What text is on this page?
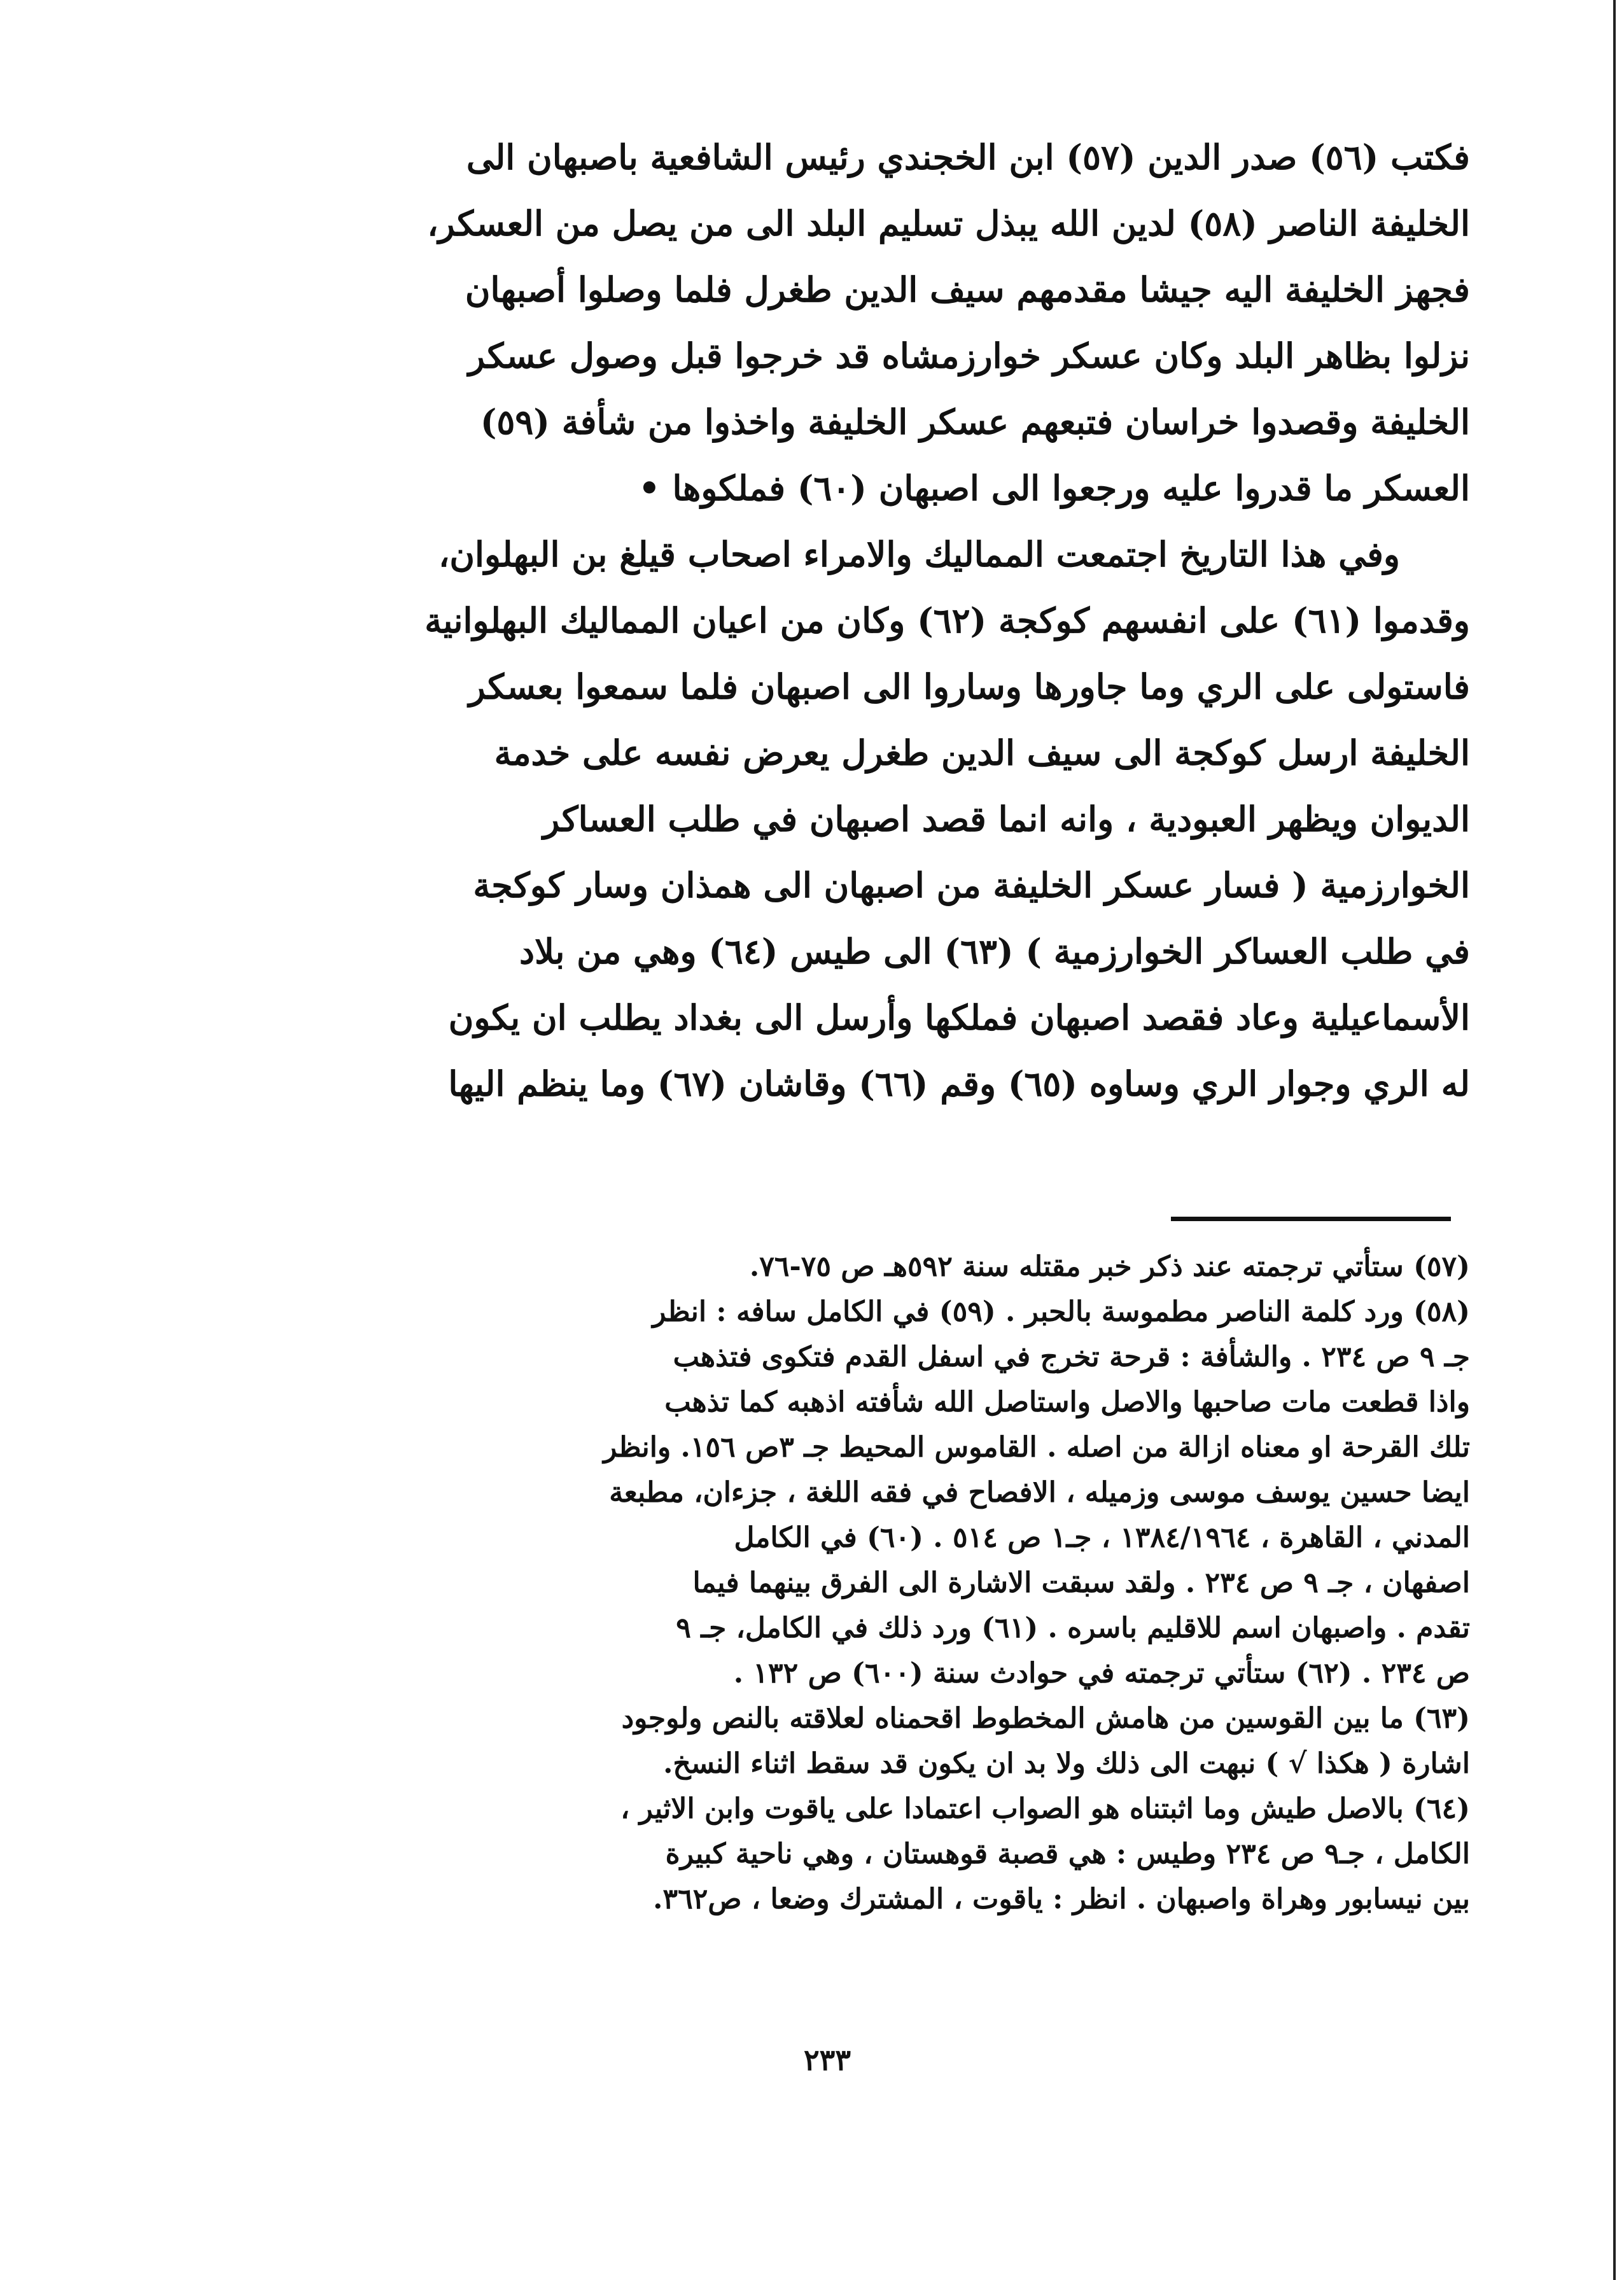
فكتب (٥٦) صدر الدين (٥٧) ابن الخجندي رئيس الشافعية باصبهان الى
الخليفة الناصر (٥٨) لدين الله يبذل تسليم البلد الى من يصل من العسكر،
فجهز الخليفة اليه جيشا مقدمهم سيف الدين طغرل فلما وصلوا أصبهان
نزلوا بظاهر البلد وكان عسكر خوارزمشاه قد خرجوا قبل وصول عسكر
الخليفة وقصدوا خراسان فتبعهم عسكر الخليفة واخذوا من شأفة (٥٩)
العسكر ما قدروا عليه ورجعوا الى اصبهان (٦٠) فملكوها •
وفي هذا التاريخ اجتمعت المماليك والامراء اصحاب قيلغ بن البهلوان،
وقدموا (٦١) على انفسهم كوكجة (٦٢) وكان من اعيان المماليك البهلوانية
فاستولى على الري وما جاورها وساروا الى اصبهان فلما سمعوا بعسكر
الخليفة ارسل كوكجة الى سيف الدين طغرل يعرض نفسه على خدمة
الديوان ويظهر العبودية ، وانه انما قصد اصبهان في طلب العساكر
الخوارزمية ( فسار عسكر الخليفة من اصبهان الى همذان وسار كوكجة
في طلب العساكر الخوارزمية ) (٦٣) الى طيس (٦٤) وهي من بلاد
الأسماعيلية وعاد فقصد اصبهان فملكها وأرسل الى بغداد يطلب ان يكون
له الري وجوار الري وساوه (٦٥) وقم (٦٦) وقاشان (٦٧) وما ينظم اليها
(٥٧) ستأتي ترجمته عند ذكر خبر مقتله سنة ٥٩٢هـ ص ٧٥-٧٦.
(٥٨) ورد كلمة الناصر مطموسة بالحبر . (٥٩) في الكامل سافه : انظر
جـ ٩ ص ٢٣٤ . والشأفة : قرحة تخرج في اسفل القدم فتكوى فتذهب
واذا قطعت مات صاحبها والاصل واستاصل الله شأفته اذهبه كما تذهب
تلك القرحة او معناه ازالة من اصله . القاموس المحيط جـ ٣ص ١٥٦. وانظر
ايضا حسين يوسف موسى وزميله ، الافصاح في فقه اللغة ، جزءان، مطبعة
المدني ، القاهرة ، ١٣٨٤/١٩٦٤ ، جـ١ ص ٥١٤ . (٦٠) في الكامل
اصفهان ، جـ ٩ ص ٢٣٤ . ولقد سبقت الاشارة الى الفرق بينهما فيما
تقدم . واصبهان اسم للاقليم باسره . (٦١) ورد ذلك في الكامل، جـ ٩
ص ٢٣٤ . (٦٢) ستأتي ترجمته في حوادث سنة (٦٠٠) ص ١٣٢ .
(٦٣) ما بين القوسين من هامش المخطوط اقحمناه لعلاقته بالنص ولوجود
اشارة ( هكذا √ ) نبهت الى ذلك ولا بد ان يكون قد سقط اثناء النسخ.
(٦٤) بالاصل طيش وما اثبتناه هو الصواب اعتمادا على ياقوت وابن الاثير ،
الكامل ، جـ٩ ص ٢٣٤ وطيس : هي قصبة قوهستان ، وهي ناحية كبيرة
بين نيسابور وهراة واصبهان . انظر : ياقوت ، المشترك وضعا ، ص٣٦٢.
٢٣٣
